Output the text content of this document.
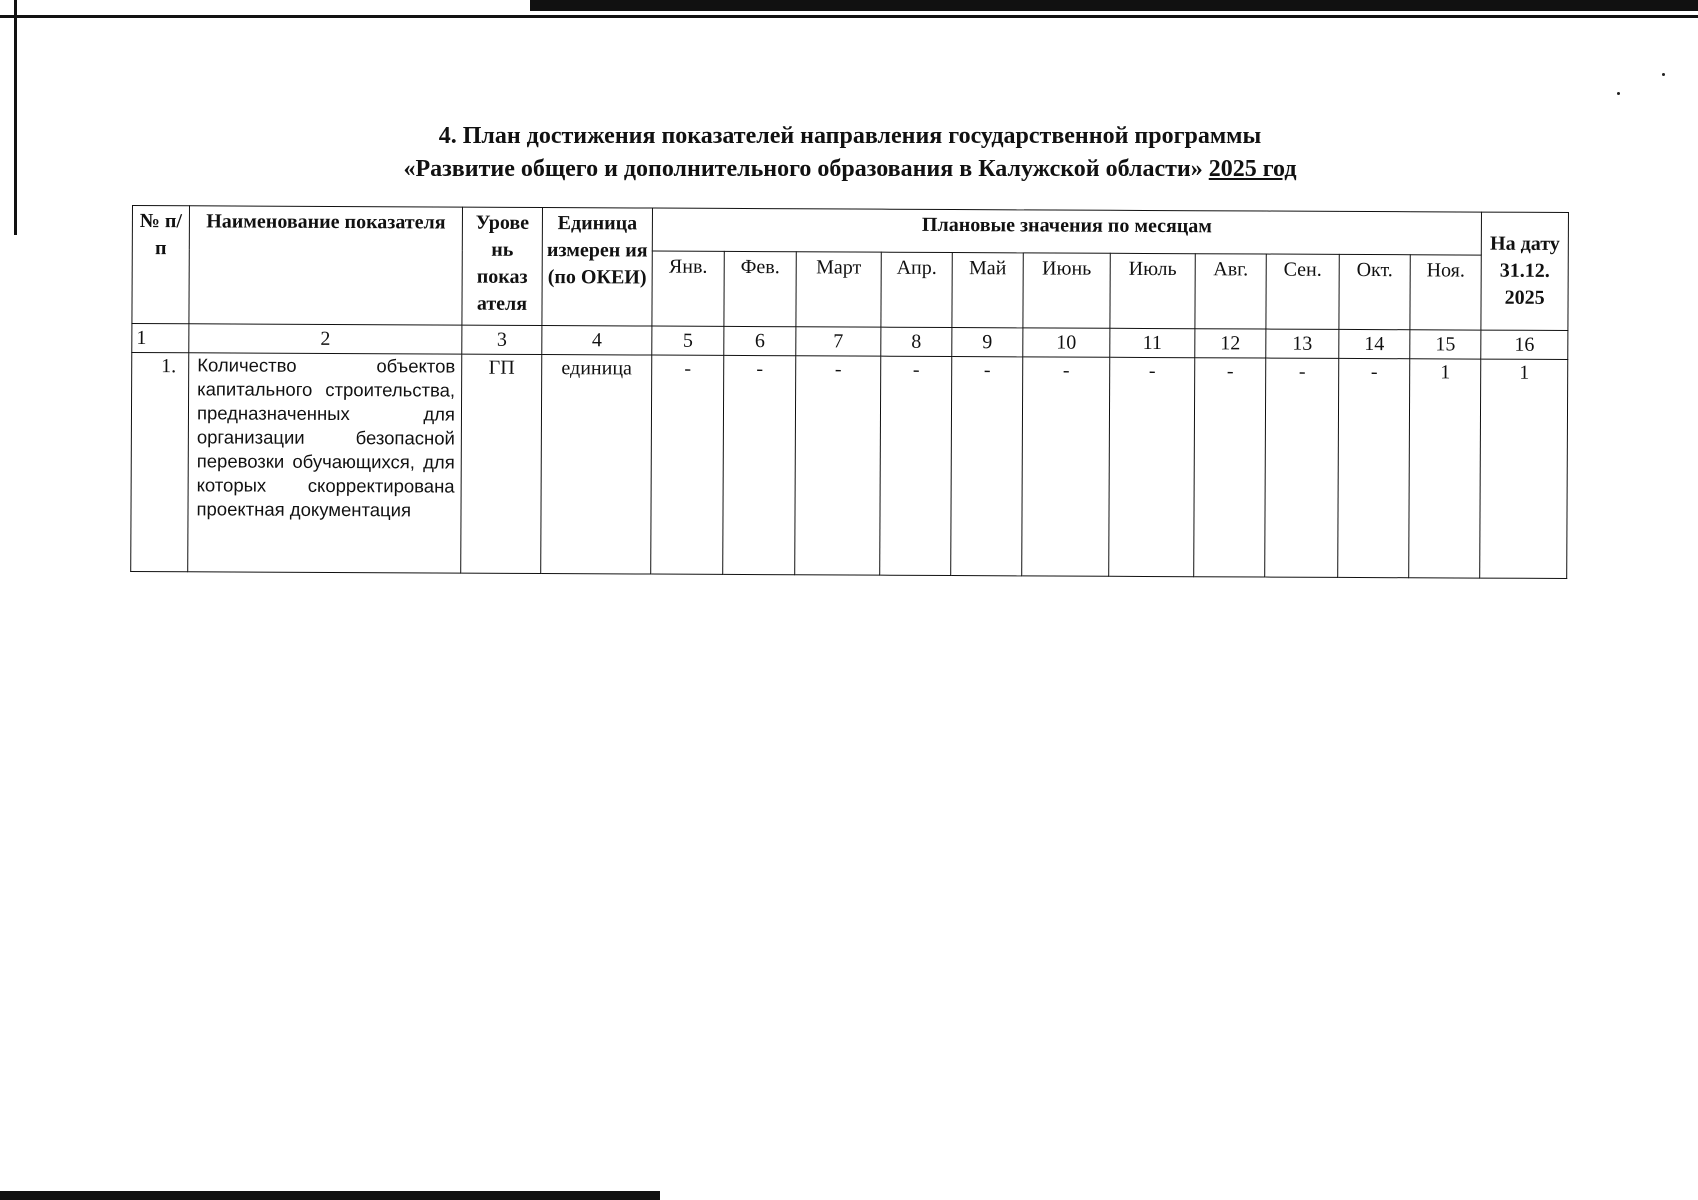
4. План достижения показателей направления государственной программы
«Развитие общего и дополнительного образования в Калужской области» 2025 год
№ п/п	Наименование показателя	Урове нь показ ателя	Единица измерен ия (по ОКЕИ)	Плановые значения по месяцам											На дату 31.12. 2025
				Янв.	Фев.	Март	Апр.	Май	Июнь	Июль	Авг.	Сен.	Окт.	Ноя.	
1	2	3	4	5	6	7	8	9	10	11	12	13	14	15	16
1.	Количество объектов капитального строительства, предназначенных для организации безопасной перевозки обучающихся, для которых скорректирована проектная документация	ГП	единица	-	-	-	-	-	-	-	-	-	-	1	1
